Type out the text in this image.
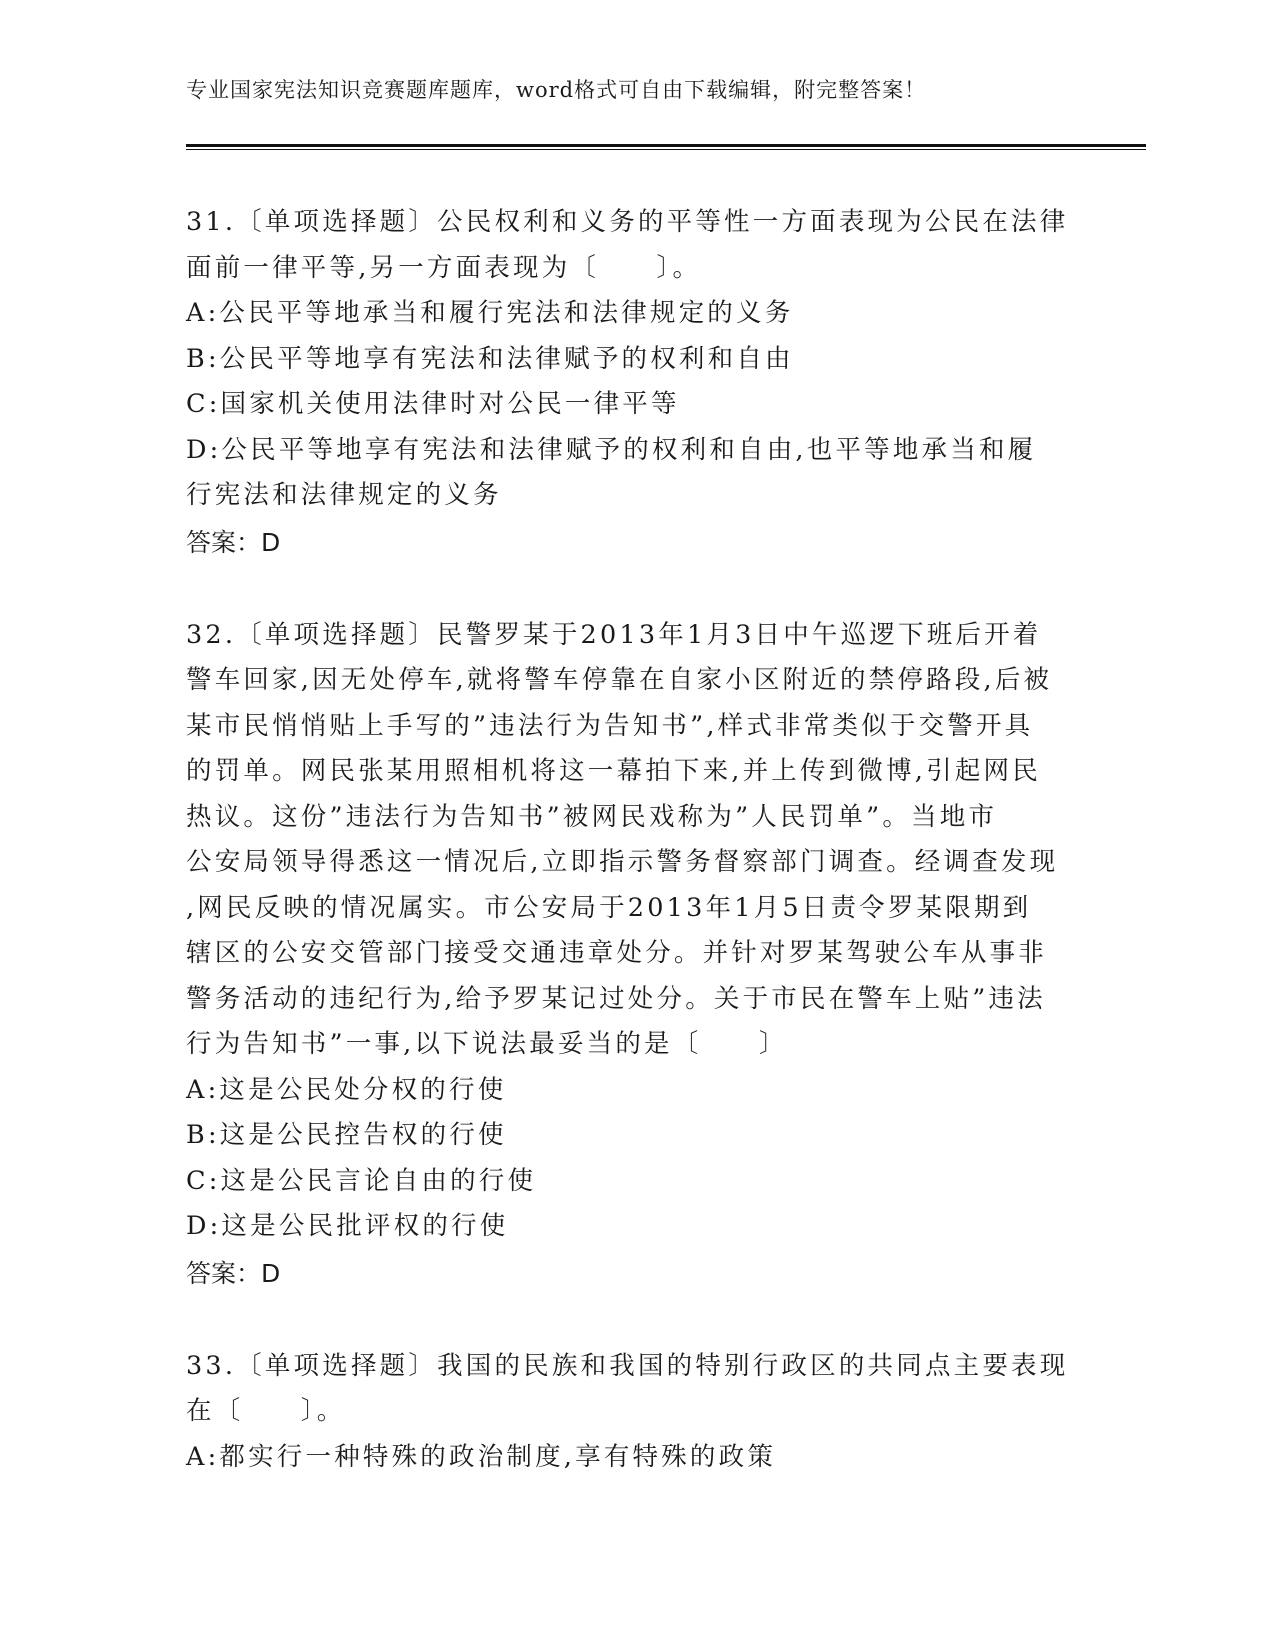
专业国家宪法知识竞赛题库题库，word格式可自由下载编辑，附完整答案！
31.〔单项选择题〕公民权利和义务的平等性一方面表现为公民在法律
面前一律平等,另一方面表现为〔　　〕。
A:公民平等地承当和履行宪法和法律规定的义务
B:公民平等地享有宪法和法律赋予的权利和自由
C:国家机关使用法律时对公民一律平等
D:公民平等地享有宪法和法律赋予的权利和自由,也平等地承当和履
行宪法和法律规定的义务
答案：D
32.〔单项选择题〕民警罗某于2013年1月3日中午巡逻下班后开着
警车回家,因无处停车,就将警车停靠在自家小区附近的禁停路段,后被
某市民悄悄贴上手写的”违法行为告知书”,样式非常类似于交警开具
的罚单。网民张某用照相机将这一幕拍下来,并上传到微博,引起网民
热议。这份”违法行为告知书”被网民戏称为”人民罚单”。当地市
公安局领导得悉这一情况后,立即指示警务督察部门调查。经调查发现
,网民反映的情况属实。市公安局于2013年1月5日责令罗某限期到
辖区的公安交管部门接受交通违章处分。并针对罗某驾驶公车从事非
警务活动的违纪行为,给予罗某记过处分。关于市民在警车上贴”违法
行为告知书”一事,以下说法最妥当的是〔　　〕
A:这是公民处分权的行使
B:这是公民控告权的行使
C:这是公民言论自由的行使
D:这是公民批评权的行使
答案：D
33.〔单项选择题〕我国的民族和我国的特别行政区的共同点主要表现
在〔　　〕。
A:都实行一种特殊的政治制度,享有特殊的政策
